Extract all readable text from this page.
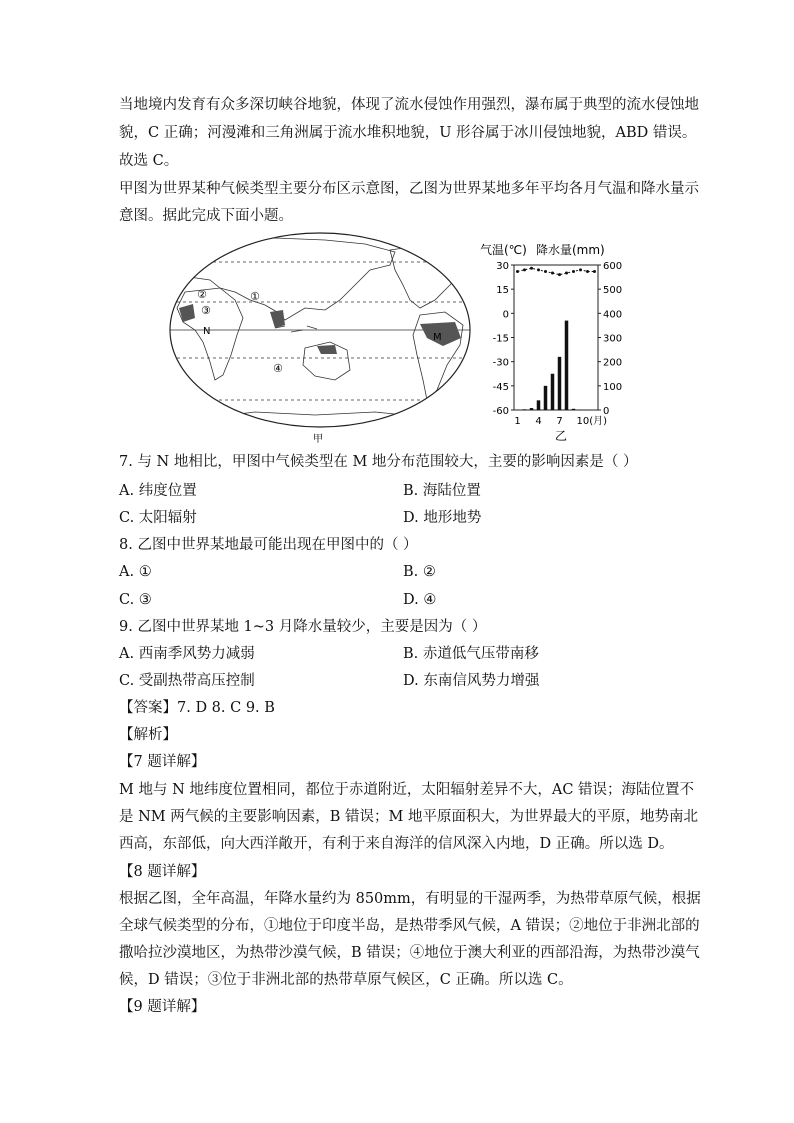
当地境内发育有众多深切峡谷地貌，体现了流水侵蚀作用强烈，瀑布属于典型的流水侵蚀地
貌，C 正确；河漫滩和三角洲属于流水堆积地貌，U 形谷属于冰川侵蚀地貌，ABD 错误。
故选 C。
甲图为世界某种气候类型主要分布区示意图，乙图为世界某地多年平均各月气温和降水量示
意图。据此完成下面小题。
①
②
③
④
N
M
甲
气温(℃) 降水量(mm)
乙
30
15
0
-15
-30
-45
-60
600
500
400
300
200
100
0
1 4 7 10(月)
7. 与 N 地相比，甲图中气候类型在 M 地分布范围较大，主要的影响因素是（ ）
A. 纬度位置	B. 海陆位置
C. 太阳辐射	D. 地形地势
8. 乙图中世界某地最可能出现在甲图中的（ ）
A. ①	B. ②
C. ③	D. ④
9. 乙图中世界某地 1~3 月降水量较少，主要是因为（ ）
A. 西南季风势力减弱	B. 赤道低气压带南移
C. 受副热带高压控制	D. 东南信风势力增强
【答案】7. D 8. C 9. B
【解析】
【7 题详解】
M 地与 N 地纬度位置相同，都位于赤道附近，太阳辐射差异不大，AC 错误；海陆位置不
是 NM 两气候的主要影响因素，B 错误；M 地平原面积大，为世界最大的平原，地势南北
西高，东部低，向大西洋敞开，有利于来自海洋的信风深入内地，D 正确。所以选 D。
【8 题详解】
根据乙图，全年高温，年降水量约为 850mm，有明显的干湿两季，为热带草原气候，根据
全球气候类型的分布，①地位于印度半岛，是热带季风气候，A 错误；②地位于非洲北部的
撒哈拉沙漠地区，为热带沙漠气候，B 错误；④地位于澳大利亚的西部沿海，为热带沙漠气
候，D 错误；③位于非洲北部的热带草原气候区，C 正确。所以选 C。
【9 题详解】
